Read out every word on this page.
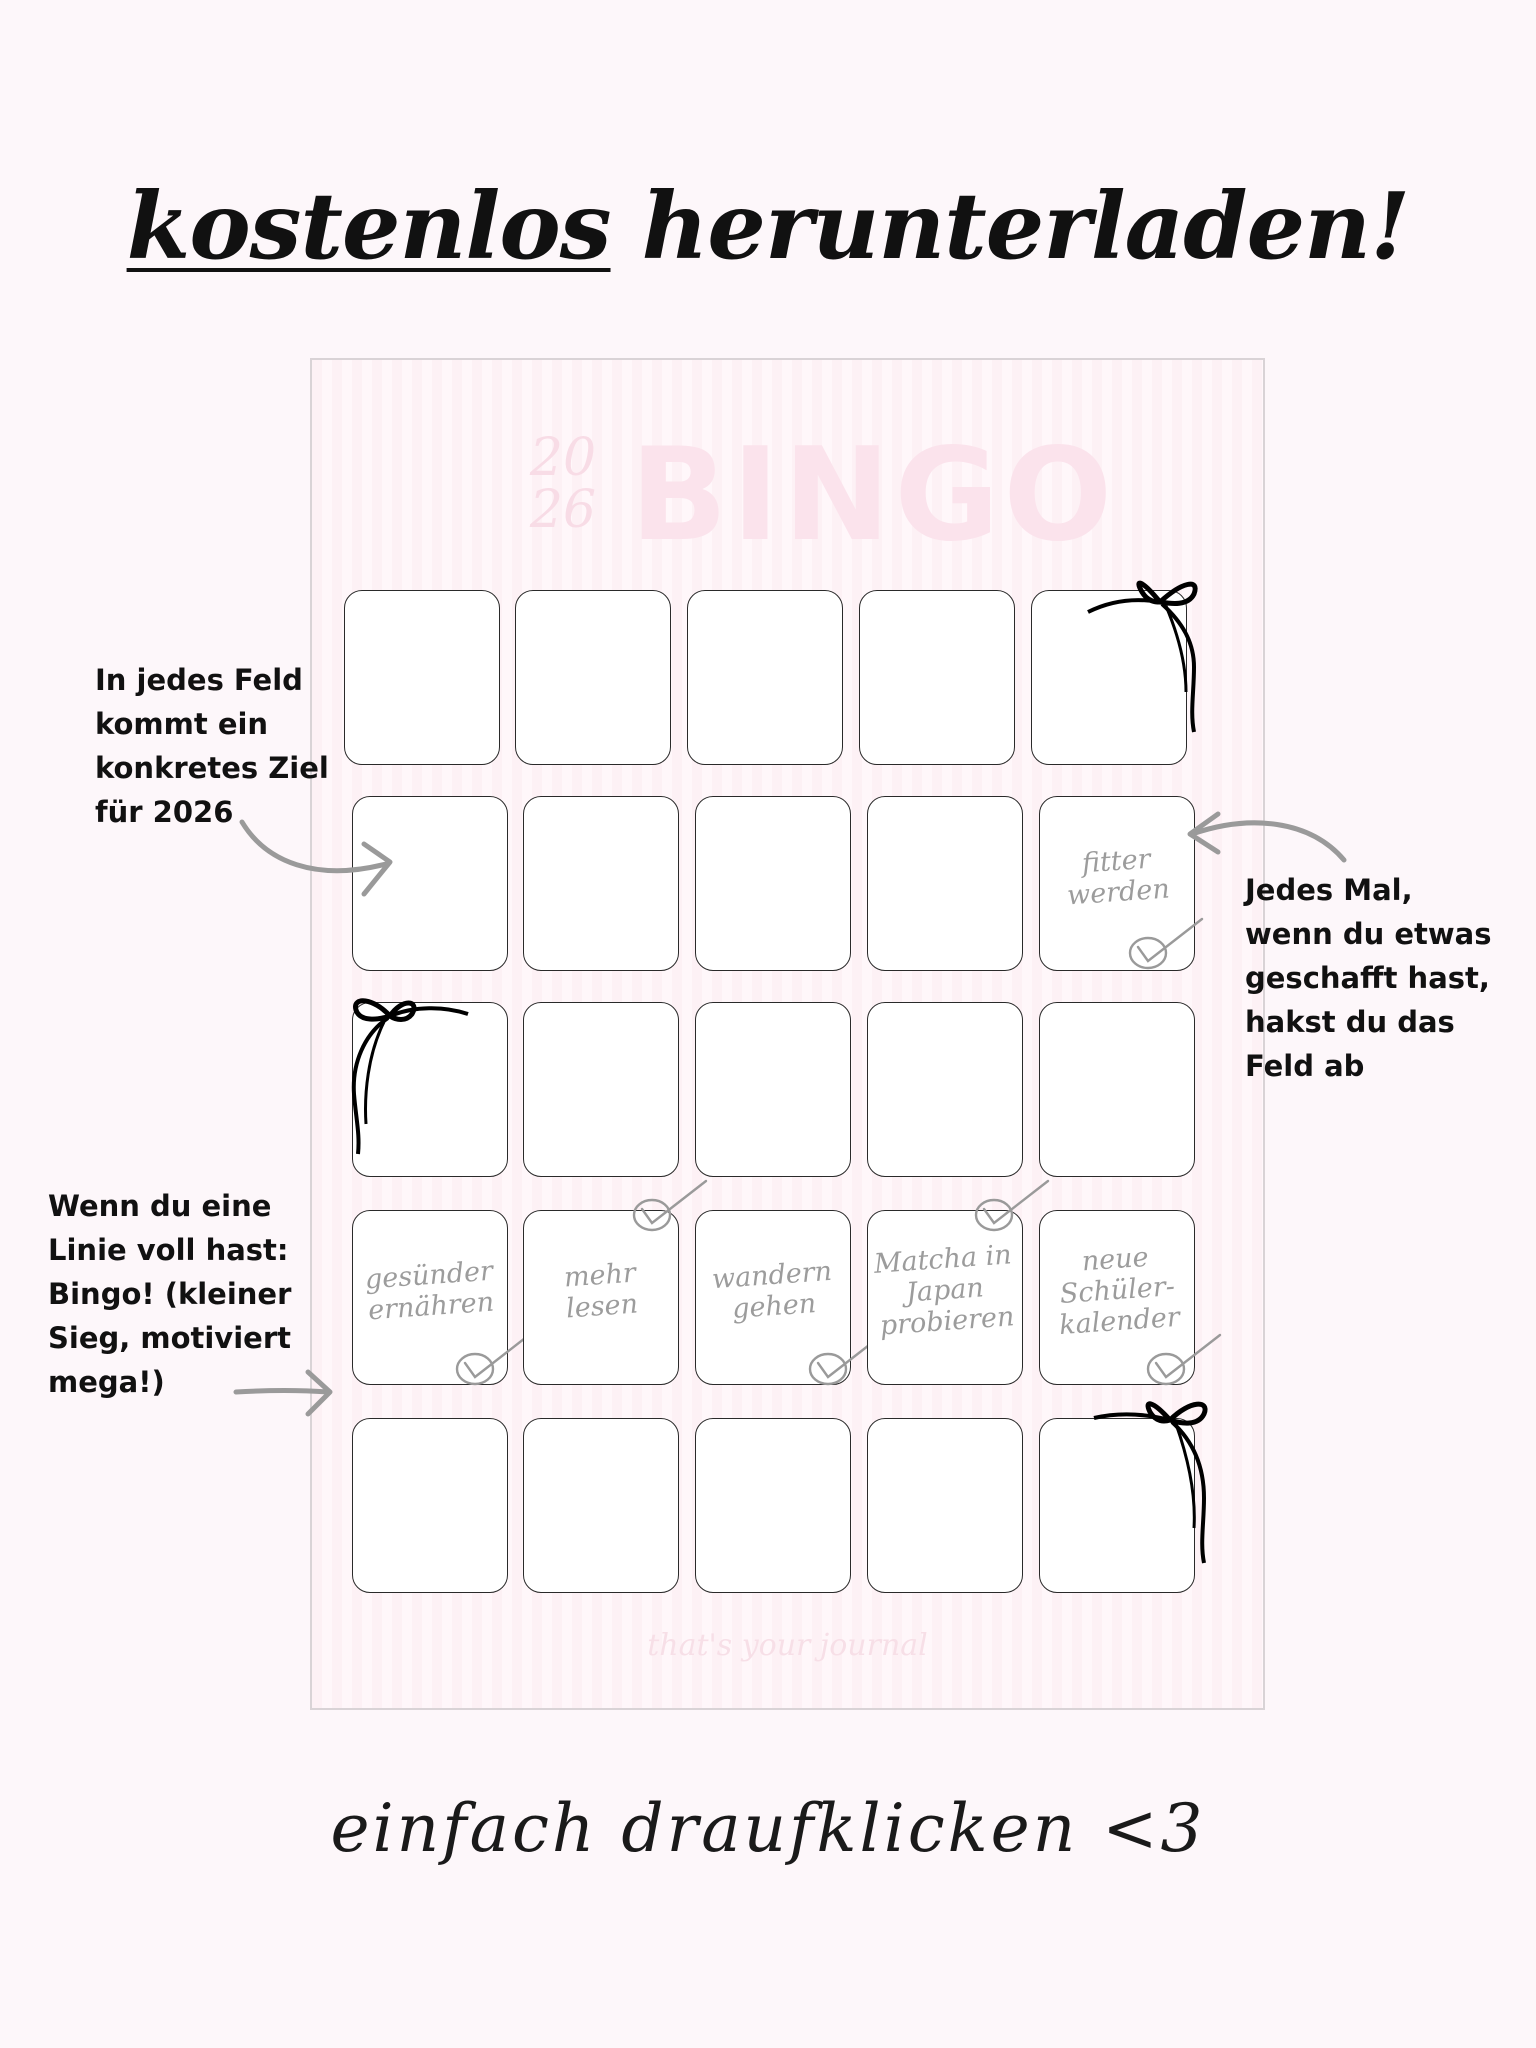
kostenlos herunterladen!
20
26 BINGO
fitter
werden
gesünder
ernähren
mehr
lesen
wandern
gehen
Matcha in
Japan
probieren
neue
Schüler-
kalender
that's your journal

In jedes Feld
kommt ein
konkretes Ziel
für 2026

Jedes Mal,
wenn du etwas
geschafft hast,
hakst du das
Feld ab

Wenn du eine
Linie voll hast:
Bingo! (kleiner
Sieg, motiviert
mega!)

einfach draufklicken <3
